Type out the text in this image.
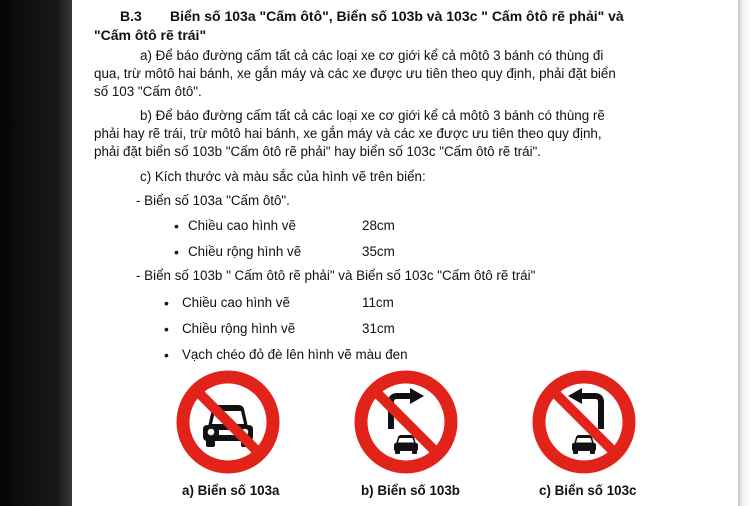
B.3 Biển số 103a "Cấm ôtô", Biển số 103b và 103c " Cấm ôtô rẽ phải" và
"Cấm ôtô rẽ trái"
a) Để báo đường cấm tất cả các loại xe cơ giới kể cả môtô 3 bánh có thùng đi
qua, trừ môtô hai bánh, xe gắn máy và các xe được ưu tiên theo quy định, phải đặt biển
số 103 "Cấm ôtô".
b) Để báo đường cấm tất cả các loại xe cơ giới kể cả môtô 3 bánh có thùng rẽ
phải hay rẽ trái, trừ môtô hai bánh, xe gắn máy và các xe được ưu tiên theo quy định,
phải đặt biển số 103b "Cấm ôtô rẽ phải" hay biển số 103c "Cấm ôtô rẽ trái".
c) Kích thước và màu sắc của hình vẽ trên biển:
- Biển số 103a "Cấm ôtô".
• Chiều cao hình vẽ	28cm
• Chiều rộng hình vẽ	35cm
- Biển số 103b " Cấm ôtô rẽ phải" và Biển số 103c "Cấm ôtô rẽ trái"
• Chiều cao hình vẽ	11cm
• Chiều rộng hình vẽ	31cm
• Vạch chéo đỏ đè lên hình vẽ màu đen
a) Biển số 103a	b) Biển số 103b	c) Biển số 103c
